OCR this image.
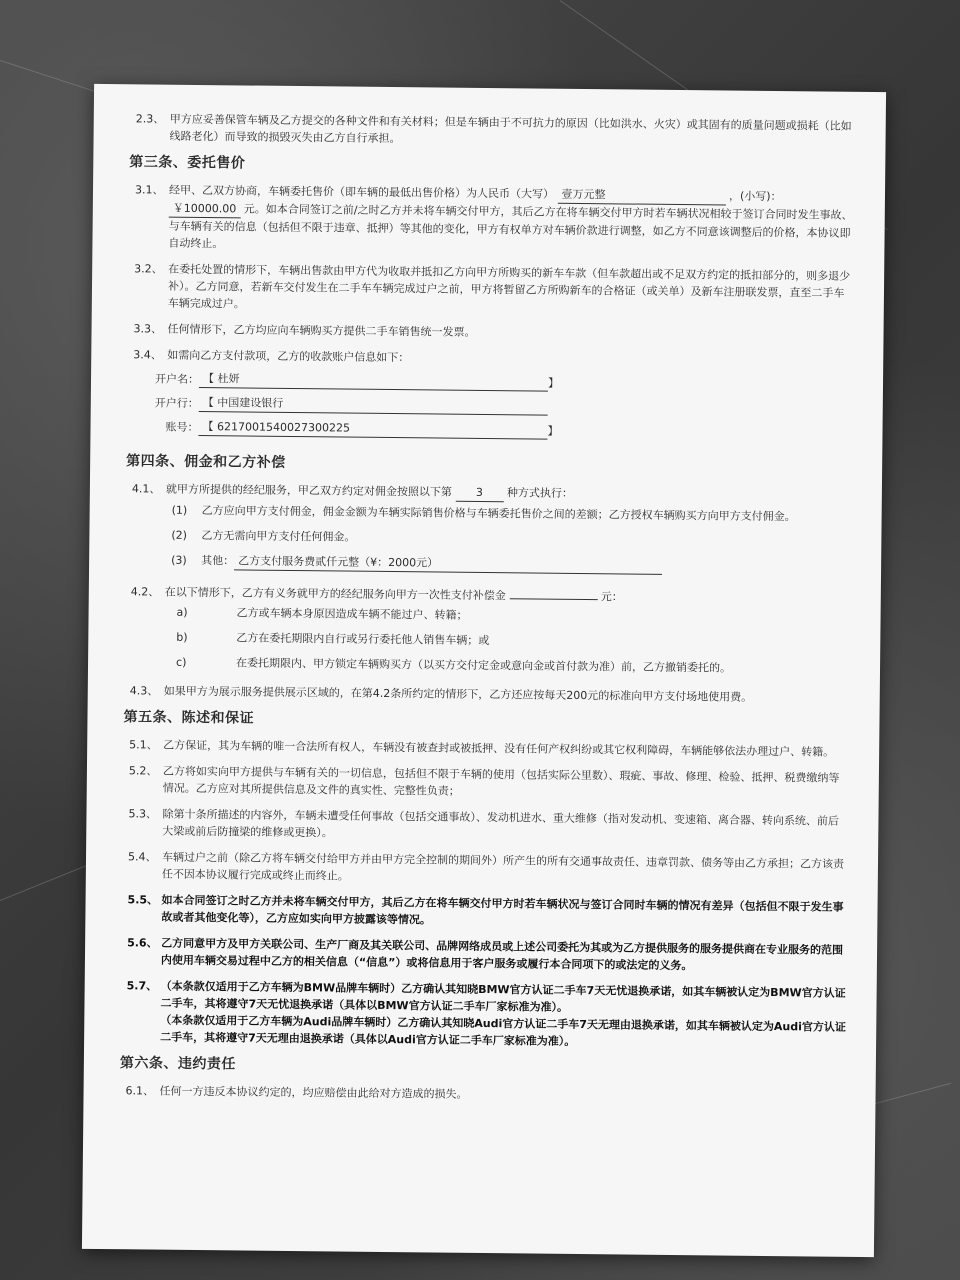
2.3、 甲方应妥善保管车辆及乙方提交的各种文件和有关材料；但是车辆由于不可抗力的原因（比如洪水、火灾）或其固有的质量问题或损耗（比如线路老化）而导致的损毁灭失由乙方自行承担。
第三条、委托售价
3.1、 经甲、乙双方协商，车辆委托售价（即车辆的最低出售价格）为人民币（大写） 壹万元整	，(小写)： ￥10000.00 元。如本合同签订之前/之时乙方并未将车辆交付甲方，其后乙方在将车辆交付甲方时若车辆状况相较于签订合同时发生事故、与车辆有关的信息（包括但不限于违章、抵押）等其他的变化，甲方有权单方对车辆价款进行调整，如乙方不同意该调整后的价格，本协议即自动终止。
3.2、 在委托处置的情形下，车辆出售款由甲方代为收取并抵扣乙方向甲方所购买的新车车款（但车款超出或不足双方约定的抵扣部分的，则多退少补）。乙方同意，若新车交付发生在二手车车辆完成过户之前，甲方将暂留乙方所购新车的合格证（或关单）及新车注册联发票，直至二手车车辆完成过户。
3.3、 任何情形下，乙方均应向车辆购买方提供二手车销售统一发票。
3.4、 如需向乙方支付款项，乙方的收款账户信息如下：
开户名： 【 杜妍	】
开户行： 【 中国建设银行
账号： 【 6217001540027300225	】
第四条、佣金和乙方补偿
4.1、 就甲方所提供的经纪服务，甲乙双方约定对佣金按照以下第 3 种方式执行：
(1)	乙方应向甲方支付佣金，佣金金额为车辆实际销售价格与车辆委托售价之间的差额；乙方授权车辆购买方向甲方支付佣金。
(2)	乙方无需向甲方支付任何佣金。
(3)	其他： 乙方支付服务费贰仟元整（¥：2000元）
4.2、 在以下情形下，乙方有义务就甲方的经纪服务向甲方一次性支付补偿金	元：
a)	乙方或车辆本身原因造成车辆不能过户、转籍；
b)	乙方在委托期限内自行或另行委托他人销售车辆；或
c)	在委托期限内、甲方锁定车辆购买方（以买方交付定金或意向金或首付款为准）前，乙方撤销委托的。
4.3、 如果甲方为展示服务提供展示区域的，在第4.2条所约定的情形下，乙方还应按每天200元的标准向甲方支付场地使用费。
第五条、陈述和保证
5.1、 乙方保证，其为车辆的唯一合法所有权人，车辆没有被查封或被抵押、没有任何产权纠纷或其它权利障碍，车辆能够依法办理过户、转籍。
5.2、 乙方将如实向甲方提供与车辆有关的一切信息，包括但不限于车辆的使用（包括实际公里数）、瑕疵、事故、修理、检验、抵押、税费缴纳等情况。乙方应对其所提供信息及文件的真实性、完整性负责；
5.3、 除第十条所描述的内容外，车辆未遭受任何事故（包括交通事故）、发动机进水、重大维修（指对发动机、变速箱、离合器、转向系统、前后大梁或前后防撞梁的维修或更换）。
5.4、 车辆过户之前（除乙方将车辆交付给甲方并由甲方完全控制的期间外）所产生的所有交通事故责任、违章罚款、债务等由乙方承担；乙方该责任不因本协议履行完成或终止而终止。
5.5、 如本合同签订之时乙方并未将车辆交付甲方，其后乙方在将车辆交付甲方时若车辆状况与签订合同时车辆的情况有差异（包括但不限于发生事故或者其他变化等），乙方应如实向甲方披露该等情况。
5.6、 乙方同意甲方及甲方关联公司、生产厂商及其关联公司、品牌网络成员或上述公司委托为其或为乙方提供服务的服务提供商在专业服务的范围内使用车辆交易过程中乙方的相关信息（“信息”）或将信息用于客户服务或履行本合同项下的或法定的义务。
5.7、 （本条款仅适用于乙方车辆为BMW品牌车辆时）乙方确认其知晓BMW官方认证二手车7天无忧退换承诺，如其车辆被认定为BMW官方认证二手车，其将遵守7天无忧退换承诺（具体以BMW官方认证二手车厂家标准为准）。
（本条款仅适用于乙方车辆为Audi品牌车辆时）乙方确认其知晓Audi官方认证二手车7天无理由退换承诺，如其车辆被认定为Audi官方认证二手车，其将遵守7天无理由退换承诺（具体以Audi官方认证二手车厂家标准为准）。
第六条、违约责任
6.1、 任何一方违反本协议约定的，均应赔偿由此给对方造成的损失。
